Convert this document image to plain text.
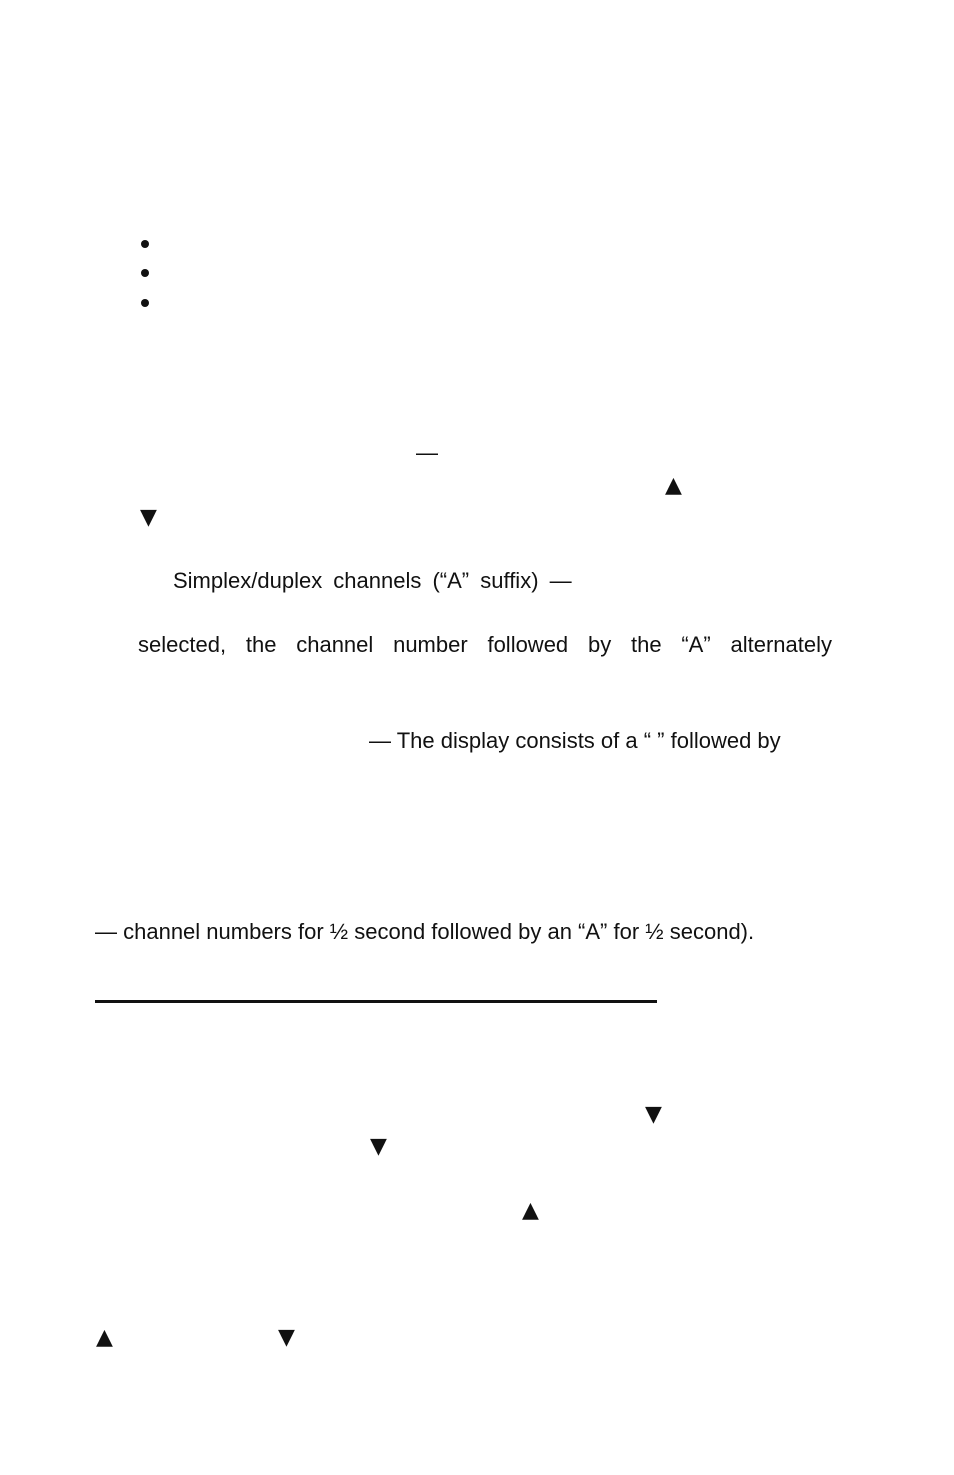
—
▲
▼
Simplex/duplex channels (“A” suffix) —
selected, the channel number followed by the “A” alternately
— The display consists of a “ ” followed by
— channel numbers for ½ second followed by an “A” for ½ second).
▼
▼
▲
▲	▼
